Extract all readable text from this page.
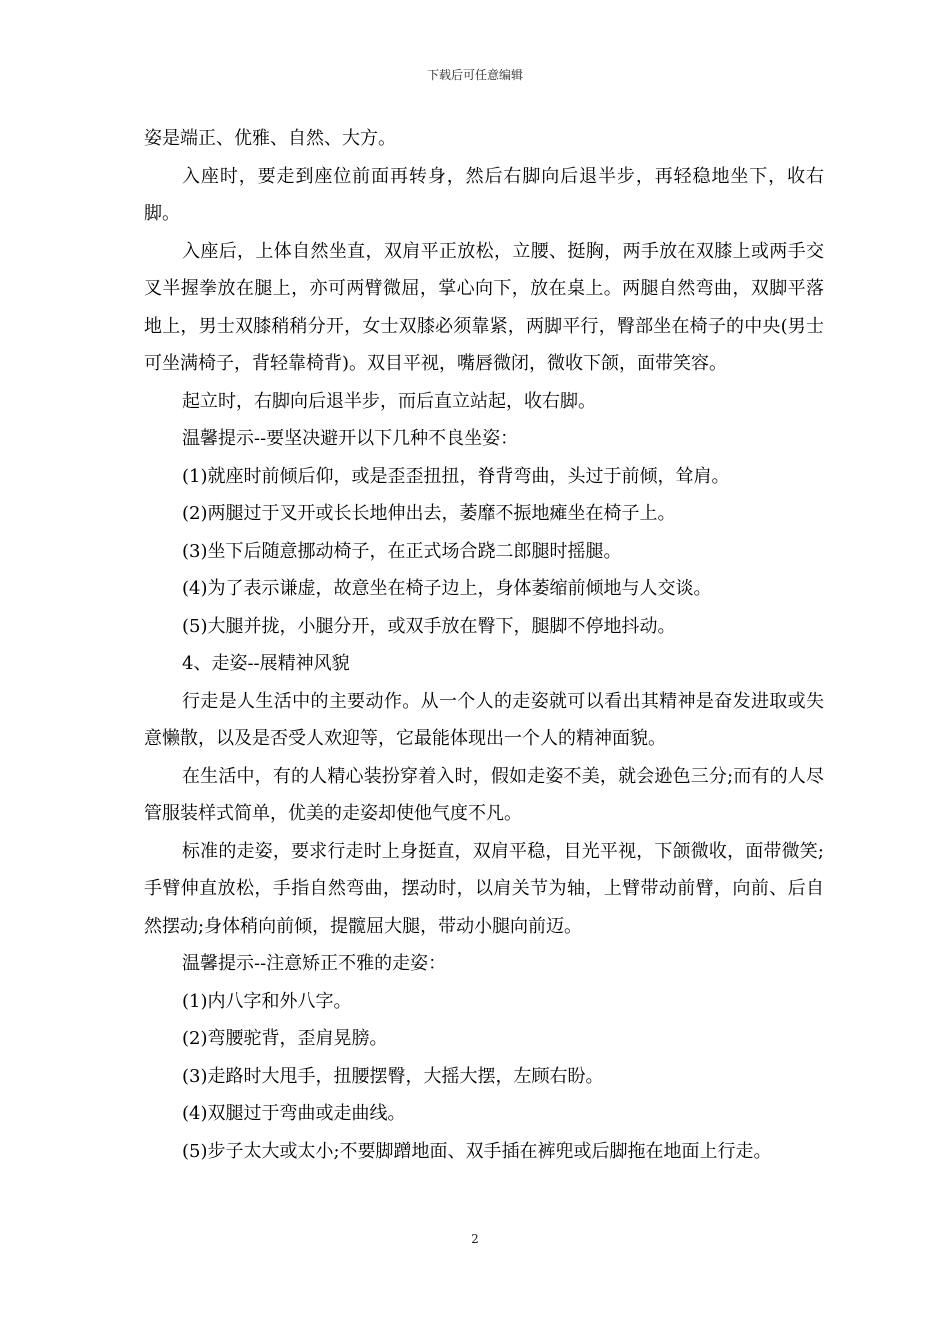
下载后可任意编辑

姿是端正、优雅、自然、大方。

入座时，要走到座位前面再转身，然后右脚向后退半步，再轻稳地坐下，收右脚。

入座后，上体自然坐直，双肩平正放松，立腰、挺胸，两手放在双膝上或两手交叉半握拳放在腿上，亦可两臂微屈，掌心向下，放在桌上。两腿自然弯曲，双脚平落地上，男士双膝稍稍分开，女士双膝必须靠紧，两脚平行，臀部坐在椅子的中央(男士可坐满椅子，背轻靠椅背)。双目平视，嘴唇微闭，微收下颌，面带笑容。

起立时，右脚向后退半步，而后直立站起，收右脚。

温馨提示--要坚决避开以下几种不良坐姿：

(1)就座时前倾后仰，或是歪歪扭扭，脊背弯曲，头过于前倾，耸肩。

(2)两腿过于叉开或长长地伸出去，萎靡不振地瘫坐在椅子上。

(3)坐下后随意挪动椅子，在正式场合跷二郎腿时摇腿。

(4)为了表示谦虚，故意坐在椅子边上，身体萎缩前倾地与人交谈。

(5)大腿并拢，小腿分开，或双手放在臀下，腿脚不停地抖动。

4、走姿--展精神风貌

行走是人生活中的主要动作。从一个人的走姿就可以看出其精神是奋发进取或失意懒散，以及是否受人欢迎等，它最能体现出一个人的精神面貌。

在生活中，有的人精心装扮穿着入时，假如走姿不美，就会逊色三分;而有的人尽管服装样式简单，优美的走姿却使他气度不凡。

标准的走姿，要求行走时上身挺直，双肩平稳，目光平视，下颌微收，面带微笑;手臂伸直放松，手指自然弯曲，摆动时，以肩关节为轴，上臂带动前臂，向前、后自然摆动;身体稍向前倾，提髋屈大腿，带动小腿向前迈。

温馨提示--注意矫正不雅的走姿：

(1)内八字和外八字。

(2)弯腰驼背，歪肩晃膀。

(3)走路时大甩手，扭腰摆臀，大摇大摆，左顾右盼。

(4)双腿过于弯曲或走曲线。

(5)步子太大或太小;不要脚蹭地面、双手插在裤兜或后脚拖在地面上行走。

2
